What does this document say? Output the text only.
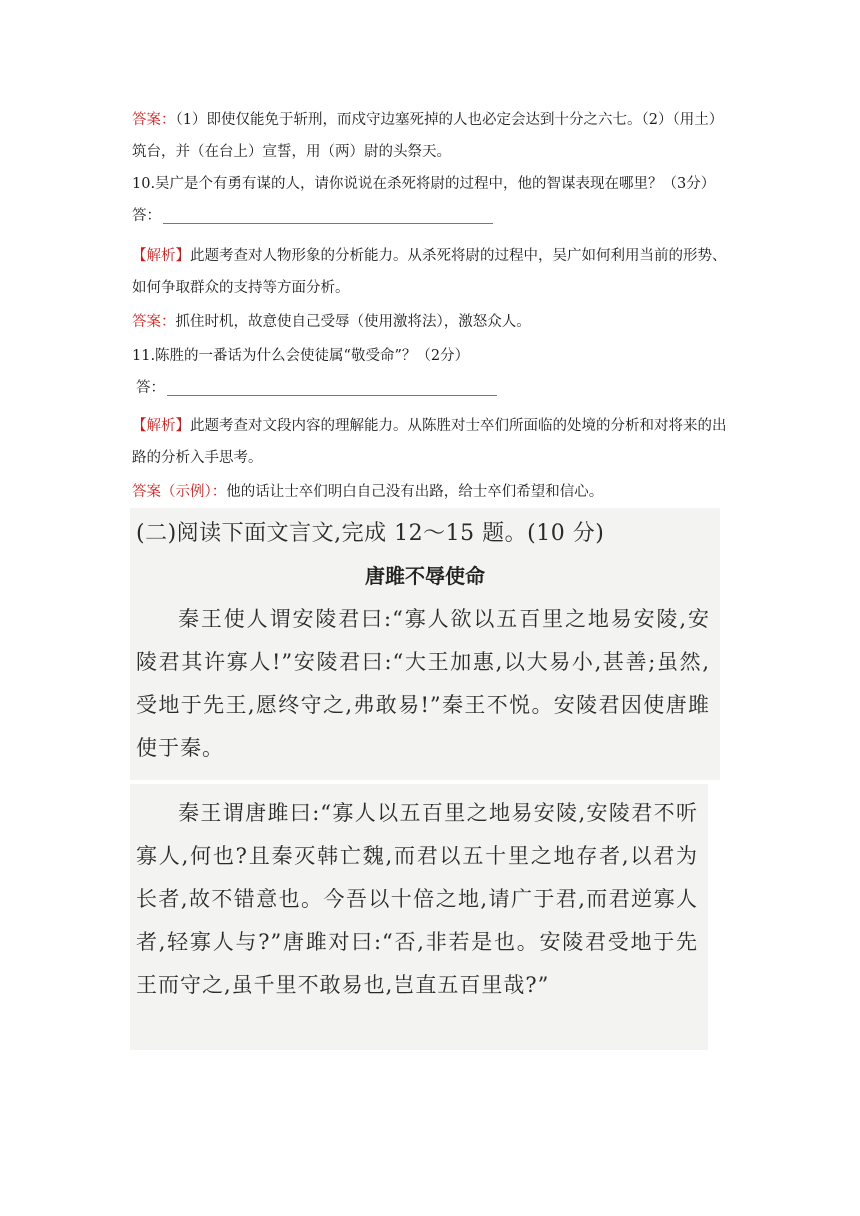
答案：（1）即使仅能免于斩刑，而戍守边塞死掉的人也必定会达到十分之六七。（2）（用土）筑台，并（在台上）宣誓，用（两）尉的头祭天。

10.吴广是个有勇有谋的人，请你说说在杀死将尉的过程中，他的智谋表现在哪里？（3分）

答：

【解析】此题考查对人物形象的分析能力。从杀死将尉的过程中，吴广如何利用当前的形势、如何争取群众的支持等方面分析。

答案：抓住时机，故意使自己受辱（使用激将法），激怒众人。

11.陈胜的一番话为什么会使徒属“敬受命”？（2分）

答：

【解析】此题考查对文段内容的理解能力。从陈胜对士卒们所面临的处境的分析和对将来的出路的分析入手思考。

答案（示例）：他的话让士卒们明白自己没有出路，给士卒们希望和信心。

(二)阅读下面文言文,完成 12～15 题。(10 分)
唐雎不辱使命

秦王使人谓安陵君曰:“寡人欲以五百里之地易安陵,安陵君其许寡人!”安陵君曰:“大王加惠,以大易小,甚善;虽然,受地于先王,愿终守之,弗敢易!”秦王不悦。安陵君因使唐雎使于秦。

秦王谓唐雎曰:“寡人以五百里之地易安陵,安陵君不听寡人,何也?且秦灭韩亡魏,而君以五十里之地存者,以君为长者,故不错意也。今吾以十倍之地,请广于君,而君逆寡人者,轻寡人与?”唐雎对曰:“否,非若是也。安陵君受地于先王而守之,虽千里不敢易也,岂直五百里哉?”
